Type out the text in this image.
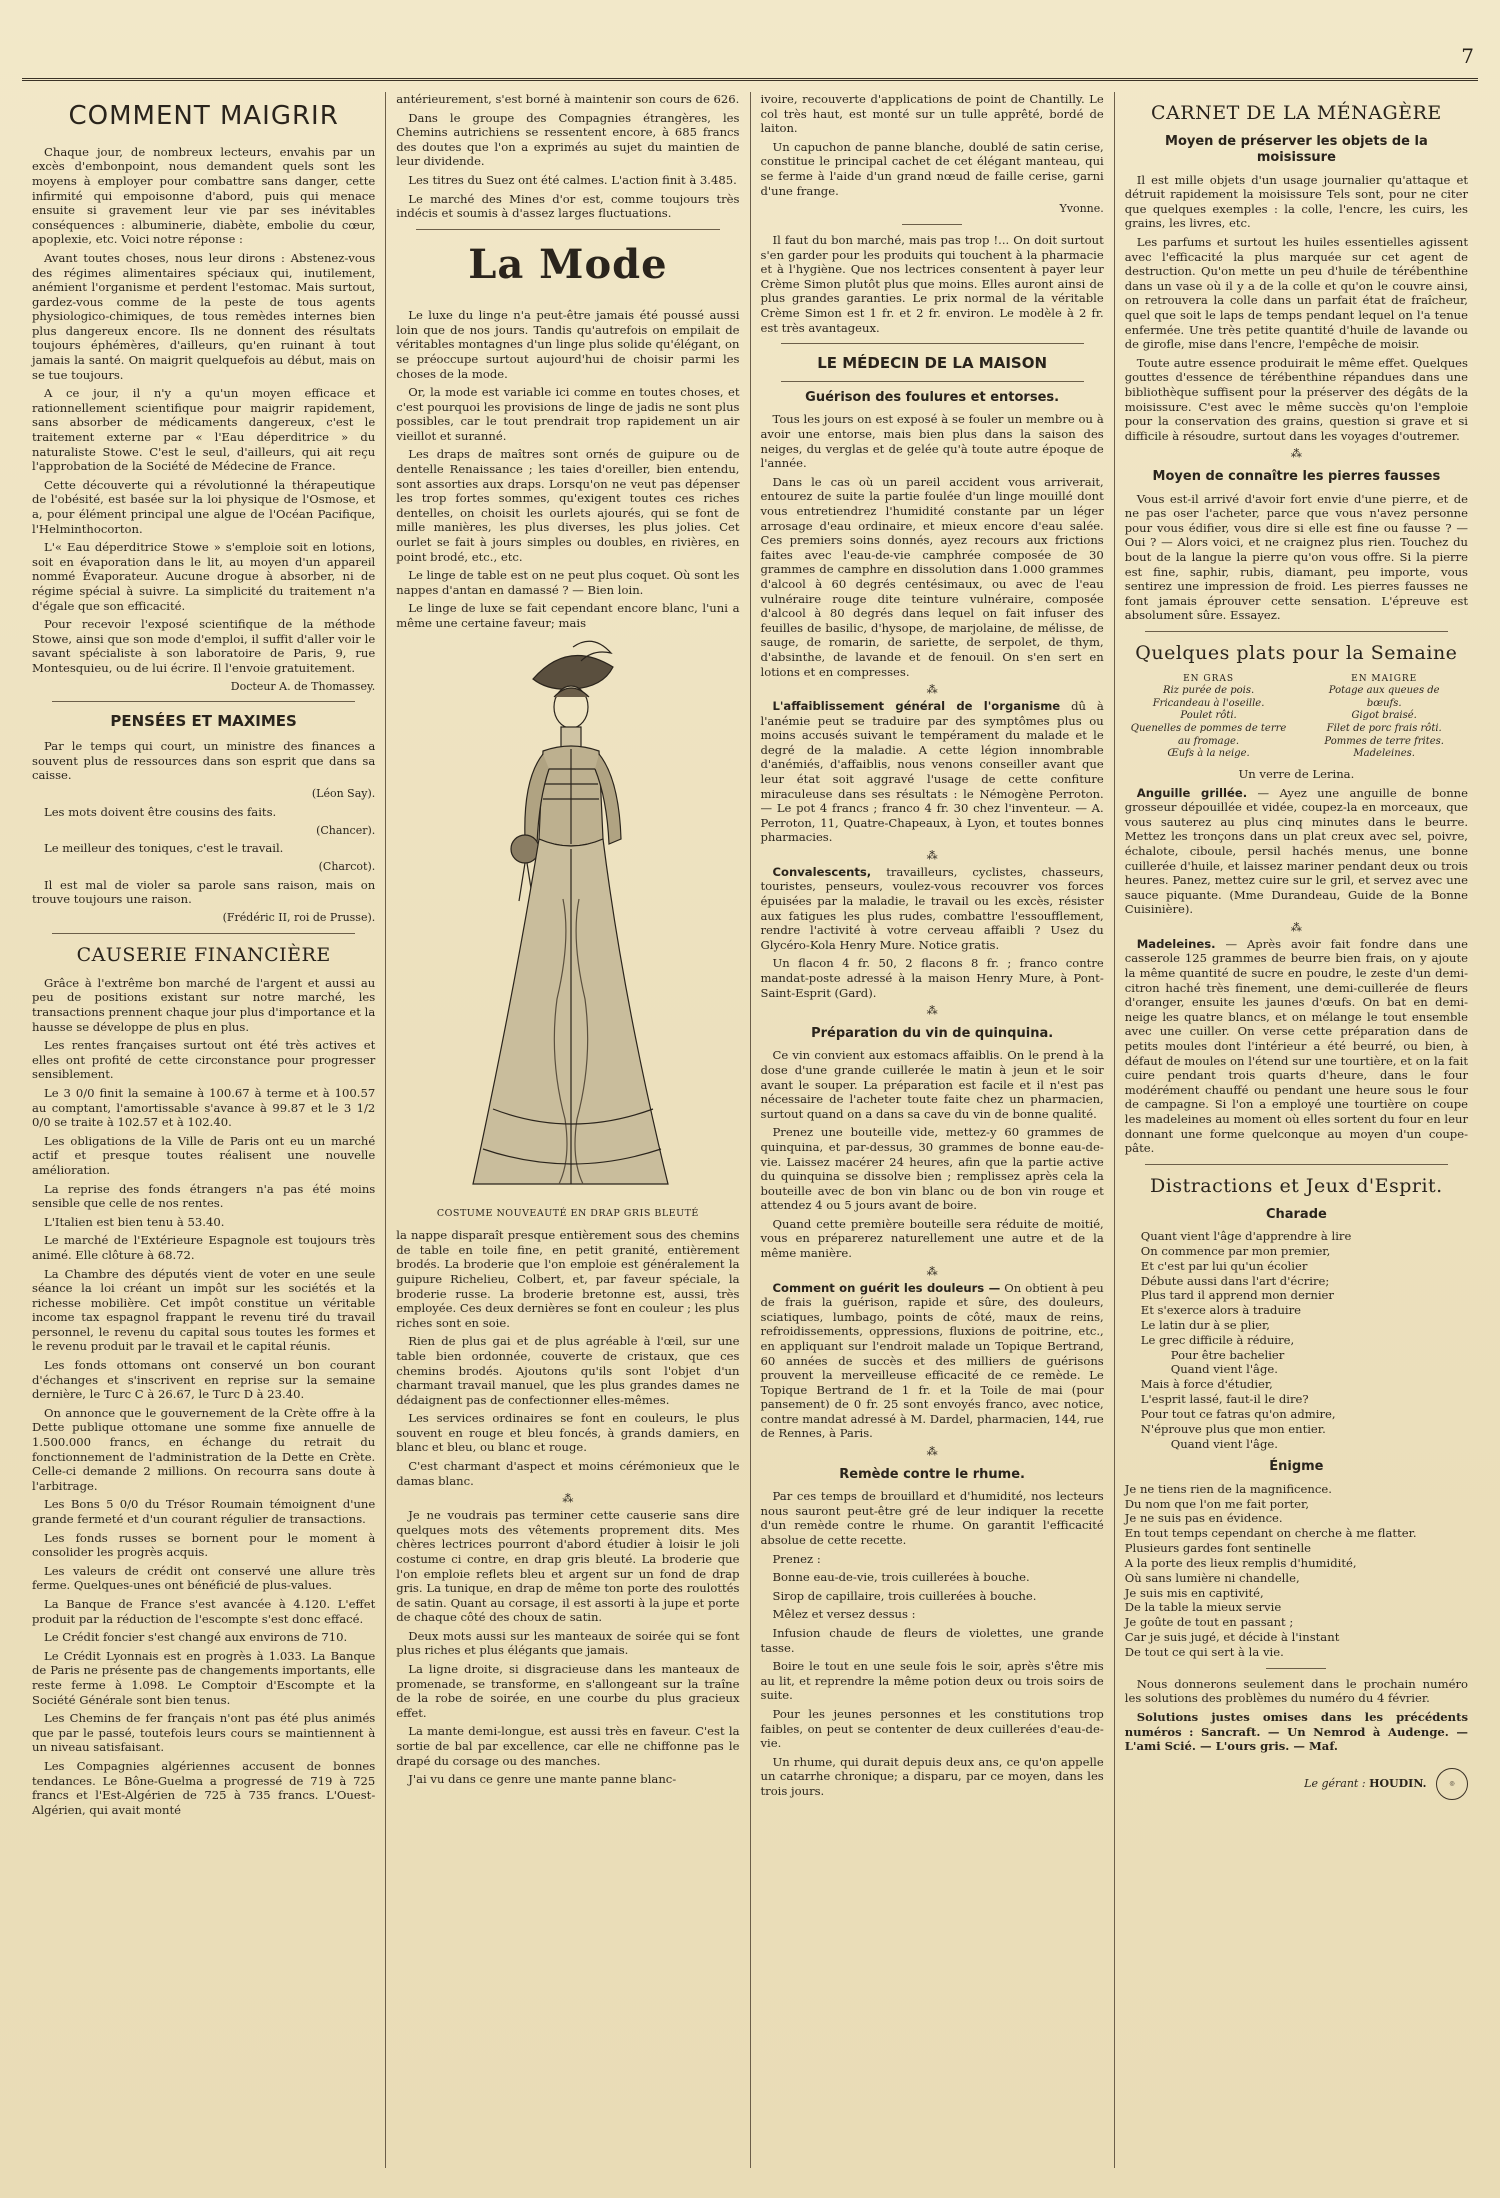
7
COMMENT MAIGRIR

Chaque jour, de nombreux lecteurs, envahis par un excès d'embonpoint, nous demandent quels sont les moyens à employer pour combattre sans danger, cette infirmité qui empoisonne d'abord, puis qui menace ensuite si gravement leur vie par ses inévitables conséquences : albuminerie, diabète, embolie du cœur, apoplexie, etc. Voici notre réponse :

Avant toutes choses, nous leur dirons : Abstenez-vous des régimes alimentaires spéciaux qui, inutilement, anémient l'organisme et perdent l'estomac. Mais surtout, gardez-vous comme de la peste de tous agents physiologico-chimiques, de tous remèdes internes bien plus dangereux encore. Ils ne donnent des résultats toujours éphémères, d'ailleurs, qu'en ruinant à tout jamais la santé. On maigrit quelquefois au début, mais on se tue toujours.

A ce jour, il n'y a qu'un moyen efficace et rationnellement scientifique pour maigrir rapidement, sans absorber de médicaments dangereux, c'est le traitement externe par « l'Eau déperditrice » du naturaliste Stowe. C'est le seul, d'ailleurs, qui ait reçu l'approbation de la Société de Médecine de France.

Cette découverte qui a révolutionné la thérapeutique de l'obésité, est basée sur la loi physique de l'Osmose, et a, pour élément principal une algue de l'Océan Pacifique, l'Helminthocorton.

L'« Eau déperditrice Stowe » s'emploie soit en lotions, soit en évaporation dans le lit, au moyen d'un appareil nommé Évaporateur. Aucune drogue à absorber, ni de régime spécial à suivre. La simplicité du traitement n'a d'égale que son efficacité.

Pour recevoir l'exposé scientifique de la méthode Stowe, ainsi que son mode d'emploi, il suffit d'aller voir le savant spécialiste à son laboratoire de Paris, 9, rue Montesquieu, ou de lui écrire. Il l'envoie gratuitement.

Docteur A. de Thomassey.
PENSÉES ET MAXIMES

Par le temps qui court, un ministre des finances a souvent plus de ressources dans son esprit que dans sa caisse.

(Léon Say).

Les mots doivent être cousins des faits.

(Chancer).

Le meilleur des toniques, c'est le travail.

(Charcot).

Il est mal de violer sa parole sans raison, mais on trouve toujours une raison.

(Frédéric II, roi de Prusse).
CAUSERIE FINANCIÈRE

Grâce à l'extrême bon marché de l'argent et aussi au peu de positions existant sur notre marché, les transactions prennent chaque jour plus d'importance et la hausse se développe de plus en plus.

Les rentes françaises surtout ont été très actives et elles ont profité de cette circonstance pour progresser sensiblement.

Le 3 0/0 finit la semaine à 100.67 à terme et à 100.57 au comptant, l'amortissable s'avance à 99.87 et le 3 1/2 0/0 se traite à 102.57 et à 102.40.

Les obligations de la Ville de Paris ont eu un marché actif et presque toutes réalisent une nouvelle amélioration.

La reprise des fonds étrangers n'a pas été moins sensible que celle de nos rentes.

L'Italien est bien tenu à 53.40.

Le marché de l'Extérieure Espagnole est toujours très animé. Elle clôture à 68.72.

La Chambre des députés vient de voter en une seule séance la loi créant un impôt sur les sociétés et la richesse mobilière. Cet impôt constitue un véritable income tax espagnol frappant le revenu tiré du travail personnel, le revenu du capital sous toutes les formes et le revenu produit par le travail et le capital réunis.

Les fonds ottomans ont conservé un bon courant d'échanges et s'inscrivent en reprise sur la semaine dernière, le Turc C à 26.67, le Turc D à 23.40.

On annonce que le gouvernement de la Crète offre à la Dette publique ottomane une somme fixe annuelle de 1.500.000 francs, en échange du retrait du fonctionnement de l'administration de la Dette en Crète. Celle-ci demande 2 millions. On recourra sans doute à l'arbitrage.

Les Bons 5 0/0 du Trésor Roumain témoignent d'une grande fermeté et d'un courant régulier de transactions.

Les fonds russes se bornent pour le moment à consolider les progrès acquis.

Les valeurs de crédit ont conservé une allure très ferme. Quelques-unes ont bénéficié de plus-values.

La Banque de France s'est avancée à 4.120. L'effet produit par la réduction de l'escompte s'est donc effacé.

Le Crédit foncier s'est changé aux environs de 710.

Le Crédit Lyonnais est en progrès à 1.033. La Banque de Paris ne présente pas de changements importants, elle reste ferme à 1.098. Le Comptoir d'Escompte et la Société Générale sont bien tenus.

Les Chemins de fer français n'ont pas été plus animés que par le passé, toutefois leurs cours se maintiennent à un niveau satisfaisant.

Les Compagnies algériennes accusent de bonnes tendances. Le Bône-Guelma a progressé de 719 à 725 francs et l'Est-Algérien de 725 à 735 francs. L'Ouest-Algérien, qui avait monté

antérieurement, s'est borné à maintenir son cours de 626.

Dans le groupe des Compagnies étrangères, les Chemins autrichiens se ressentent encore, à 685 francs des doutes que l'on a exprimés au sujet du maintien de leur dividende.

Les titres du Suez ont été calmes. L'action finit à 3.485.

Le marché des Mines d'or est, comme toujours très indécis et soumis à d'assez larges fluctuations.

La Mode

Le luxe du linge n'a peut-être jamais été poussé aussi loin que de nos jours. Tandis qu'autrefois on empilait de véritables montagnes d'un linge plus solide qu'élégant, on se préoccupe surtout aujourd'hui de choisir parmi les choses de la mode.

Or, la mode est variable ici comme en toutes choses, et c'est pourquoi les provisions de linge de jadis ne sont plus possibles, car le tout prendrait trop rapidement un air vieillot et suranné.

Les draps de maîtres sont ornés de guipure ou de dentelle Renaissance ; les taies d'oreiller, bien entendu, sont assorties aux draps. Lorsqu'on ne veut pas dépenser les trop fortes sommes, qu'exigent toutes ces riches dentelles, on choisit les ourlets ajourés, qui se font de mille manières, les plus diverses, les plus jolies. Cet ourlet se fait à jours simples ou doubles, en rivières, en point brodé, etc., etc.

Le linge de table est on ne peut plus coquet. Où sont les nappes d'antan en damassé ? — Bien loin.

Le linge de luxe se fait cependant encore blanc, l'uni a même une certaine faveur; mais

COSTUME NOUVEAUTÉ EN DRAP GRIS BLEUTÉ

la nappe disparaît presque entièrement sous des chemins de table en toile fine, en petit granité, entièrement brodés. La broderie que l'on emploie est généralement la guipure Richelieu, Colbert, et, par faveur spéciale, la broderie russe. La broderie bretonne est, aussi, très employée. Ces deux dernières se font en couleur ; les plus riches sont en soie.

Rien de plus gai et de plus agréable à l'œil, sur une table bien ordonnée, couverte de cristaux, que ces chemins brodés. Ajoutons qu'ils sont l'objet d'un charmant travail manuel, que les plus grandes dames ne dédaignent pas de confectionner elles-mêmes.

Les services ordinaires se font en couleurs, le plus souvent en rouge et bleu foncés, à grands damiers, en blanc et bleu, ou blanc et rouge.

C'est charmant d'aspect et moins cérémonieux que le damas blanc.

⁂

Je ne voudrais pas terminer cette causerie sans dire quelques mots des vêtements proprement dits. Mes chères lectrices pourront d'abord étudier à loisir le joli costume ci contre, en drap gris bleuté. La broderie que l'on emploie reflets bleu et argent sur un fond de drap gris. La tunique, en drap de même ton porte des roulottés de satin. Quant au corsage, il est assorti à la jupe et porte de chaque côté des choux de satin.

Deux mots aussi sur les manteaux de soirée qui se font plus riches et plus élégants que jamais.

La ligne droite, si disgracieuse dans les manteaux de promenade, se transforme, en s'allongeant sur la traîne de la robe de soirée, en une courbe du plus gracieux effet.

La mante demi-longue, est aussi très en faveur. C'est la sortie de bal par excellence, car elle ne chiffonne pas le drapé du corsage ou des manches.

J'ai vu dans ce genre une mante panne blanc-

ivoire, recouverte d'applications de point de Chantilly. Le col très haut, est monté sur un tulle apprêté, bordé de laiton.

Un capuchon de panne blanche, doublé de satin cerise, constitue le principal cachet de cet élégant manteau, qui se ferme à l'aide d'un grand nœud de faille cerise, garni d'une frange.

Yvonne.

Il faut du bon marché, mais pas trop !... On doit surtout s'en garder pour les produits qui touchent à la pharmacie et à l'hygiène. Que nos lectrices consentent à payer leur Crème Simon plutôt plus que moins. Elles auront ainsi de plus grandes garanties. Le prix normal de la véritable Crème Simon est 1 fr. et 2 fr. environ. Le modèle à 2 fr. est très avantageux.

LE MÉDECIN DE LA MAISON
Guérison des foulures et entorses.

Tous les jours on est exposé à se fouler un membre ou à avoir une entorse, mais bien plus dans la saison des neiges, du verglas et de gelée qu'à toute autre époque de l'année.

Dans le cas où un pareil accident vous arriverait, entourez de suite la partie foulée d'un linge mouillé dont vous entretiendrez l'humidité constante par un léger arrosage d'eau ordinaire, et mieux encore d'eau salée. Ces premiers soins donnés, ayez recours aux frictions faites avec l'eau-de-vie camphrée composée de 30 grammes de camphre en dissolution dans 1.000 grammes d'alcool à 60 degrés centésimaux, ou avec de l'eau vulnéraire rouge dite teinture vulnéraire, composée d'alcool à 80 degrés dans lequel on fait infuser des feuilles de basilic, d'hysope, de marjolaine, de mélisse, de sauge, de romarin, de sariette, de serpolet, de thym, d'absinthe, de lavande et de fenouil. On s'en sert en lotions et en compresses.

⁂

L'affaiblissement général de l'organisme dû à l'anémie peut se traduire par des symptômes plus ou moins accusés suivant le tempérament du malade et le degré de la maladie. A cette légion innombrable d'anémiés, d'affaiblis, nous venons conseiller avant que leur état soit aggravé l'usage de cette confiture miraculeuse dans ses résultats : le Némogène Perroton. — Le pot 4 francs ; franco 4 fr. 30 chez l'inventeur. — A. Perroton, 11, Quatre-Chapeaux, à Lyon, et toutes bonnes pharmacies.

⁂

Convalescents, travailleurs, cyclistes, chasseurs, touristes, penseurs, voulez-vous recouvrer vos forces épuisées par la maladie, le travail ou les excès, résister aux fatigues les plus rudes, combattre l'essoufflement, rendre l'activité à votre cerveau affaibli ? Usez du Glycéro-Kola Henry Mure. Notice gratis.

Un flacon 4 fr. 50, 2 flacons 8 fr. ; franco contre mandat-poste adressé à la maison Henry Mure, à Pont-Saint-Esprit (Gard).

⁂
Préparation du vin de quinquina.

Ce vin convient aux estomacs affaiblis. On le prend à la dose d'une grande cuillerée le matin à jeun et le soir avant le souper. La préparation est facile et il n'est pas nécessaire de l'acheter toute faite chez un pharmacien, surtout quand on a dans sa cave du vin de bonne qualité.

Prenez une bouteille vide, mettez-y 60 grammes de quinquina, et par-dessus, 30 grammes de bonne eau-de-vie. Laissez macérer 24 heures, afin que la partie active du quinquina se dissolve bien ; remplissez après cela la bouteille avec de bon vin blanc ou de bon vin rouge et attendez 4 ou 5 jours avant de boire.

Quand cette première bouteille sera réduite de moitié, vous en préparerez naturellement une autre et de la même manière.

⁂

Comment on guérit les douleurs — On obtient à peu de frais la guérison, rapide et sûre, des douleurs, sciatiques, lumbago, points de côté, maux de reins, refroidissements, oppressions, fluxions de poitrine, etc., en appliquant sur l'endroit malade un Topique Bertrand, 60 années de succès et des milliers de guérisons prouvent la merveilleuse efficacité de ce remède. Le Topique Bertrand de 1 fr. et la Toile de mai (pour pansement) de 0 fr. 25 sont envoyés franco, avec notice, contre mandat adressé à M. Dardel, pharmacien, 144, rue de Rennes, à Paris.

⁂
Remède contre le rhume.

Par ces temps de brouillard et d'humidité, nos lecteurs nous sauront peut-être gré de leur indiquer la recette d'un remède contre le rhume. On garantit l'efficacité absolue de cette recette.

Prenez :

Bonne eau-de-vie, trois cuillerées à bouche.

Sirop de capillaire, trois cuillerées à bouche.

Mêlez et versez dessus :

Infusion chaude de fleurs de violettes, une grande tasse.

Boire le tout en une seule fois le soir, après s'être mis au lit, et reprendre la même potion deux ou trois soirs de suite.

Pour les jeunes personnes et les constitutions trop faibles, on peut se contenter de deux cuillerées d'eau-de-vie.

Un rhume, qui durait depuis deux ans, ce qu'on appelle un catarrhe chronique; a disparu, par ce moyen, dans les trois jours.

CARNET DE LA MÉNAGÈRE
Moyen de préserver les objets de la moisissure

Il est mille objets d'un usage journalier qu'attaque et détruit rapidement la moisissure Tels sont, pour ne citer que quelques exemples : la colle, l'encre, les cuirs, les grains, les livres, etc.

Les parfums et surtout les huiles essentielles agissent avec l'efficacité la plus marquée sur cet agent de destruction. Qu'on mette un peu d'huile de térébenthine dans un vase où il y a de la colle et qu'on le couvre ainsi, on retrouvera la colle dans un parfait état de fraîcheur, quel que soit le laps de temps pendant lequel on l'a tenue enfermée. Une très petite quantité d'huile de lavande ou de girofle, mise dans l'encre, l'empêche de moisir.

Toute autre essence produirait le même effet. Quelques gouttes d'essence de térébenthine répandues dans une bibliothèque suffisent pour la préserver des dégâts de la moisissure. C'est avec le même succès qu'on l'emploie pour la conservation des grains, question si grave et si difficile à résoudre, surtout dans les voyages d'outremer.

⁂
Moyen de connaître les pierres fausses

Vous est-il arrivé d'avoir fort envie d'une pierre, et de ne pas oser l'acheter, parce que vous n'avez personne pour vous édifier, vous dire si elle est fine ou fausse ? — Oui ? — Alors voici, et ne craignez plus rien. Touchez du bout de la langue la pierre qu'on vous offre. Si la pierre est fine, saphir, rubis, diamant, peu importe, vous sentirez une impression de froid. Les pierres fausses ne font jamais éprouver cette sensation. L'épreuve est absolument sûre. Essayez.

Quelques plats pour la Semaine
EN GRAS
Riz purée de pois.
Fricandeau à l'oseille.
Poulet rôti.
Quenelles de pommes de terre au fromage.
Œufs à la neige.
EN MAIGRE
Potage aux queues de
bœufs.
Gigot braisé.
Filet de porc frais rôti.
Pommes de terre frites.
Madeleines.
Un verre de Lerina.

Anguille grillée. — Ayez une anguille de bonne grosseur dépouillée et vidée, coupez-la en morceaux, que vous sauterez au plus cinq minutes dans le beurre. Mettez les tronçons dans un plat creux avec sel, poivre, échalote, ciboule, persil hachés menus, une bonne cuillerée d'huile, et laissez mariner pendant deux ou trois heures. Panez, mettez cuire sur le gril, et servez avec une sauce piquante. (Mme Durandeau, Guide de la Bonne Cuisinière).

⁂

Madeleines. — Après avoir fait fondre dans une casserole 125 grammes de beurre bien frais, on y ajoute la même quantité de sucre en poudre, le zeste d'un demi-citron haché très finement, une demi-cuillerée de fleurs d'oranger, ensuite les jaunes d'œufs. On bat en demi-neige les quatre blancs, et on mélange le tout ensemble avec une cuiller. On verse cette préparation dans de petits moules dont l'intérieur a été beurré, ou bien, à défaut de moules on l'étend sur une tourtière, et on la fait cuire pendant trois quarts d'heure, dans le four modérément chauffé ou pendant une heure sous le four de campagne. Si l'on a employé une tourtière on coupe les madeleines au moment où elles sortent du four en leur donnant une forme quelconque au moyen d'un coupe-pâte.

Distractions et Jeux d'Esprit.
Charade
Quant vient l'âge d'apprendre à lire
On commence par mon premier,
Et c'est par lui qu'un écolier
Débute aussi dans l'art d'écrire;
Plus tard il apprend mon dernier
Et s'exerce alors à traduire
Le latin dur à se plier,
Le grec difficile à réduire,
Pour être bachelier
Quand vient l'âge.
Mais à force d'étudier,
L'esprit lassé, faut-il le dire?
Pour tout ce fatras qu'on admire,
N'éprouve plus que mon entier.
Quand vient l'âge.
Énigme
Je ne tiens rien de la magnificence.
Du nom que l'on me fait porter,
Je ne suis pas en évidence.
En tout temps cependant on cherche à me flatter.
Plusieurs gardes font sentinelle
A la porte des lieux remplis d'humidité,
Où sans lumière ni chandelle,
Je suis mis en captivité,
De la table la mieux servie
Je goûte de tout en passant ;
Car je suis jugé, et décide à l'instant
De tout ce qui sert à la vie.

Nous donnerons seulement dans le prochain numéro les solutions des problèmes du numéro du 4 février.

Solutions justes omises dans les précédents numéros : Sancraft. — Un Nemrod à Audenge. — L'ami Scié. — L'ours gris. — Maf.

Le gérant : HOUDIN.	◎
